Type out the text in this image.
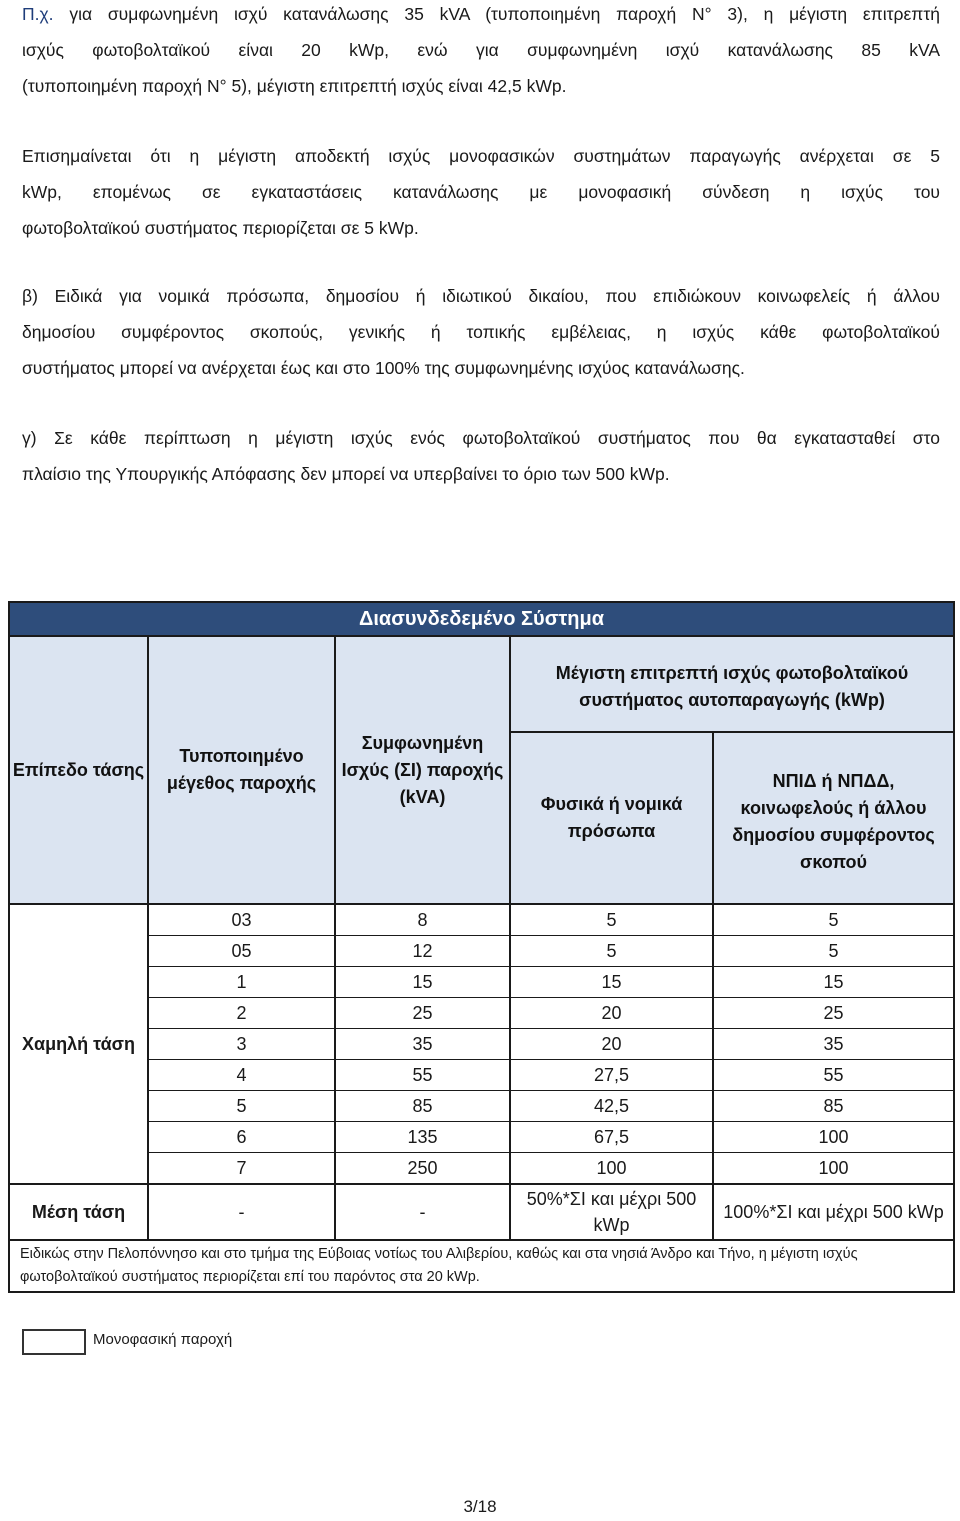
Π.χ. για συμφωνημένη ισχύ κατανάλωσης 35 kVA (τυποποιημένη παροχή Ν° 3), η μέγιστη επιτρεπτή
ισχύς φωτοβολταϊκού είναι 20 kWp, ενώ για συμφωνημένη ισχύ κατανάλωσης 85 kVA
(τυποποιημένη παροχή Ν° 5), μέγιστη επιτρεπτή ισχύς είναι 42,5 kWp.
Επισημαίνεται ότι η μέγιστη αποδεκτή ισχύς μονοφασικών συστημάτων παραγωγής ανέρχεται σε 5
kWp, επομένως σε εγκαταστάσεις κατανάλωσης με μονοφασική σύνδεση η ισχύς του
φωτοβολταϊκού συστήματος περιορίζεται σε 5 kWp.
β) Ειδικά για νομικά πρόσωπα, δημοσίου ή ιδιωτικού δικαίου, που επιδιώκουν κοινωφελείς ή άλλου
δημοσίου συμφέροντος σκοπούς, γενικής ή τοπικής εμβέλειας, η ισχύς κάθε φωτοβολταϊκού
συστήματος μπορεί να ανέρχεται έως και στο 100% της συμφωνημένης ισχύος κατανάλωσης.
γ) Σε κάθε περίπτωση η μέγιστη ισχύς ενός φωτοβολταϊκού συστήματος που θα εγκατασταθεί στο
πλαίσιο της Υπουργικής Απόφασης δεν μπορεί να υπερβαίνει το όριο των 500 kWp.
Διασυνδεδεμένο Σύστημα				
Επίπεδο τάσης	Τυποποιημένο μέγεθος παροχής	Συμφωνημένη Ισχύς (ΣΙ) παροχής (kVA)	Μέγιστη επιτρεπτή ισχύς φωτοβολταϊκού συστήματος αυτοπαραγωγής (kWp)	
			Φυσικά ή νομικά πρόσωπα	ΝΠΙΔ ή ΝΠΔΔ, κοινωφελούς ή άλλου δημοσίου συμφέροντος σκοπού
Χαμηλή τάση	03	8	5	5
	05	12	5	5
	1	15	15	15
	2	25	20	25
	3	35	20	35
	4	55	27,5	55
	5	85	42,5	85
	6	135	67,5	100
	7	250	100	100
Μέση τάση	-	-	50%*ΣΙ και μέχρι 500 kWp	100%*ΣΙ και μέχρι 500 kWp
Ειδικώς στην Πελοπόννησο και στο τμήμα της Εύβοιας νοτίως του Αλιβερίου, καθώς και στα νησιά Άνδρο και Τήνο, η μέγιστη ισχύς φωτοβολταϊκού συστήματος περιορίζεται επί του παρόντος στα 20 kWp.				
Μονοφασική παροχή
3/18
